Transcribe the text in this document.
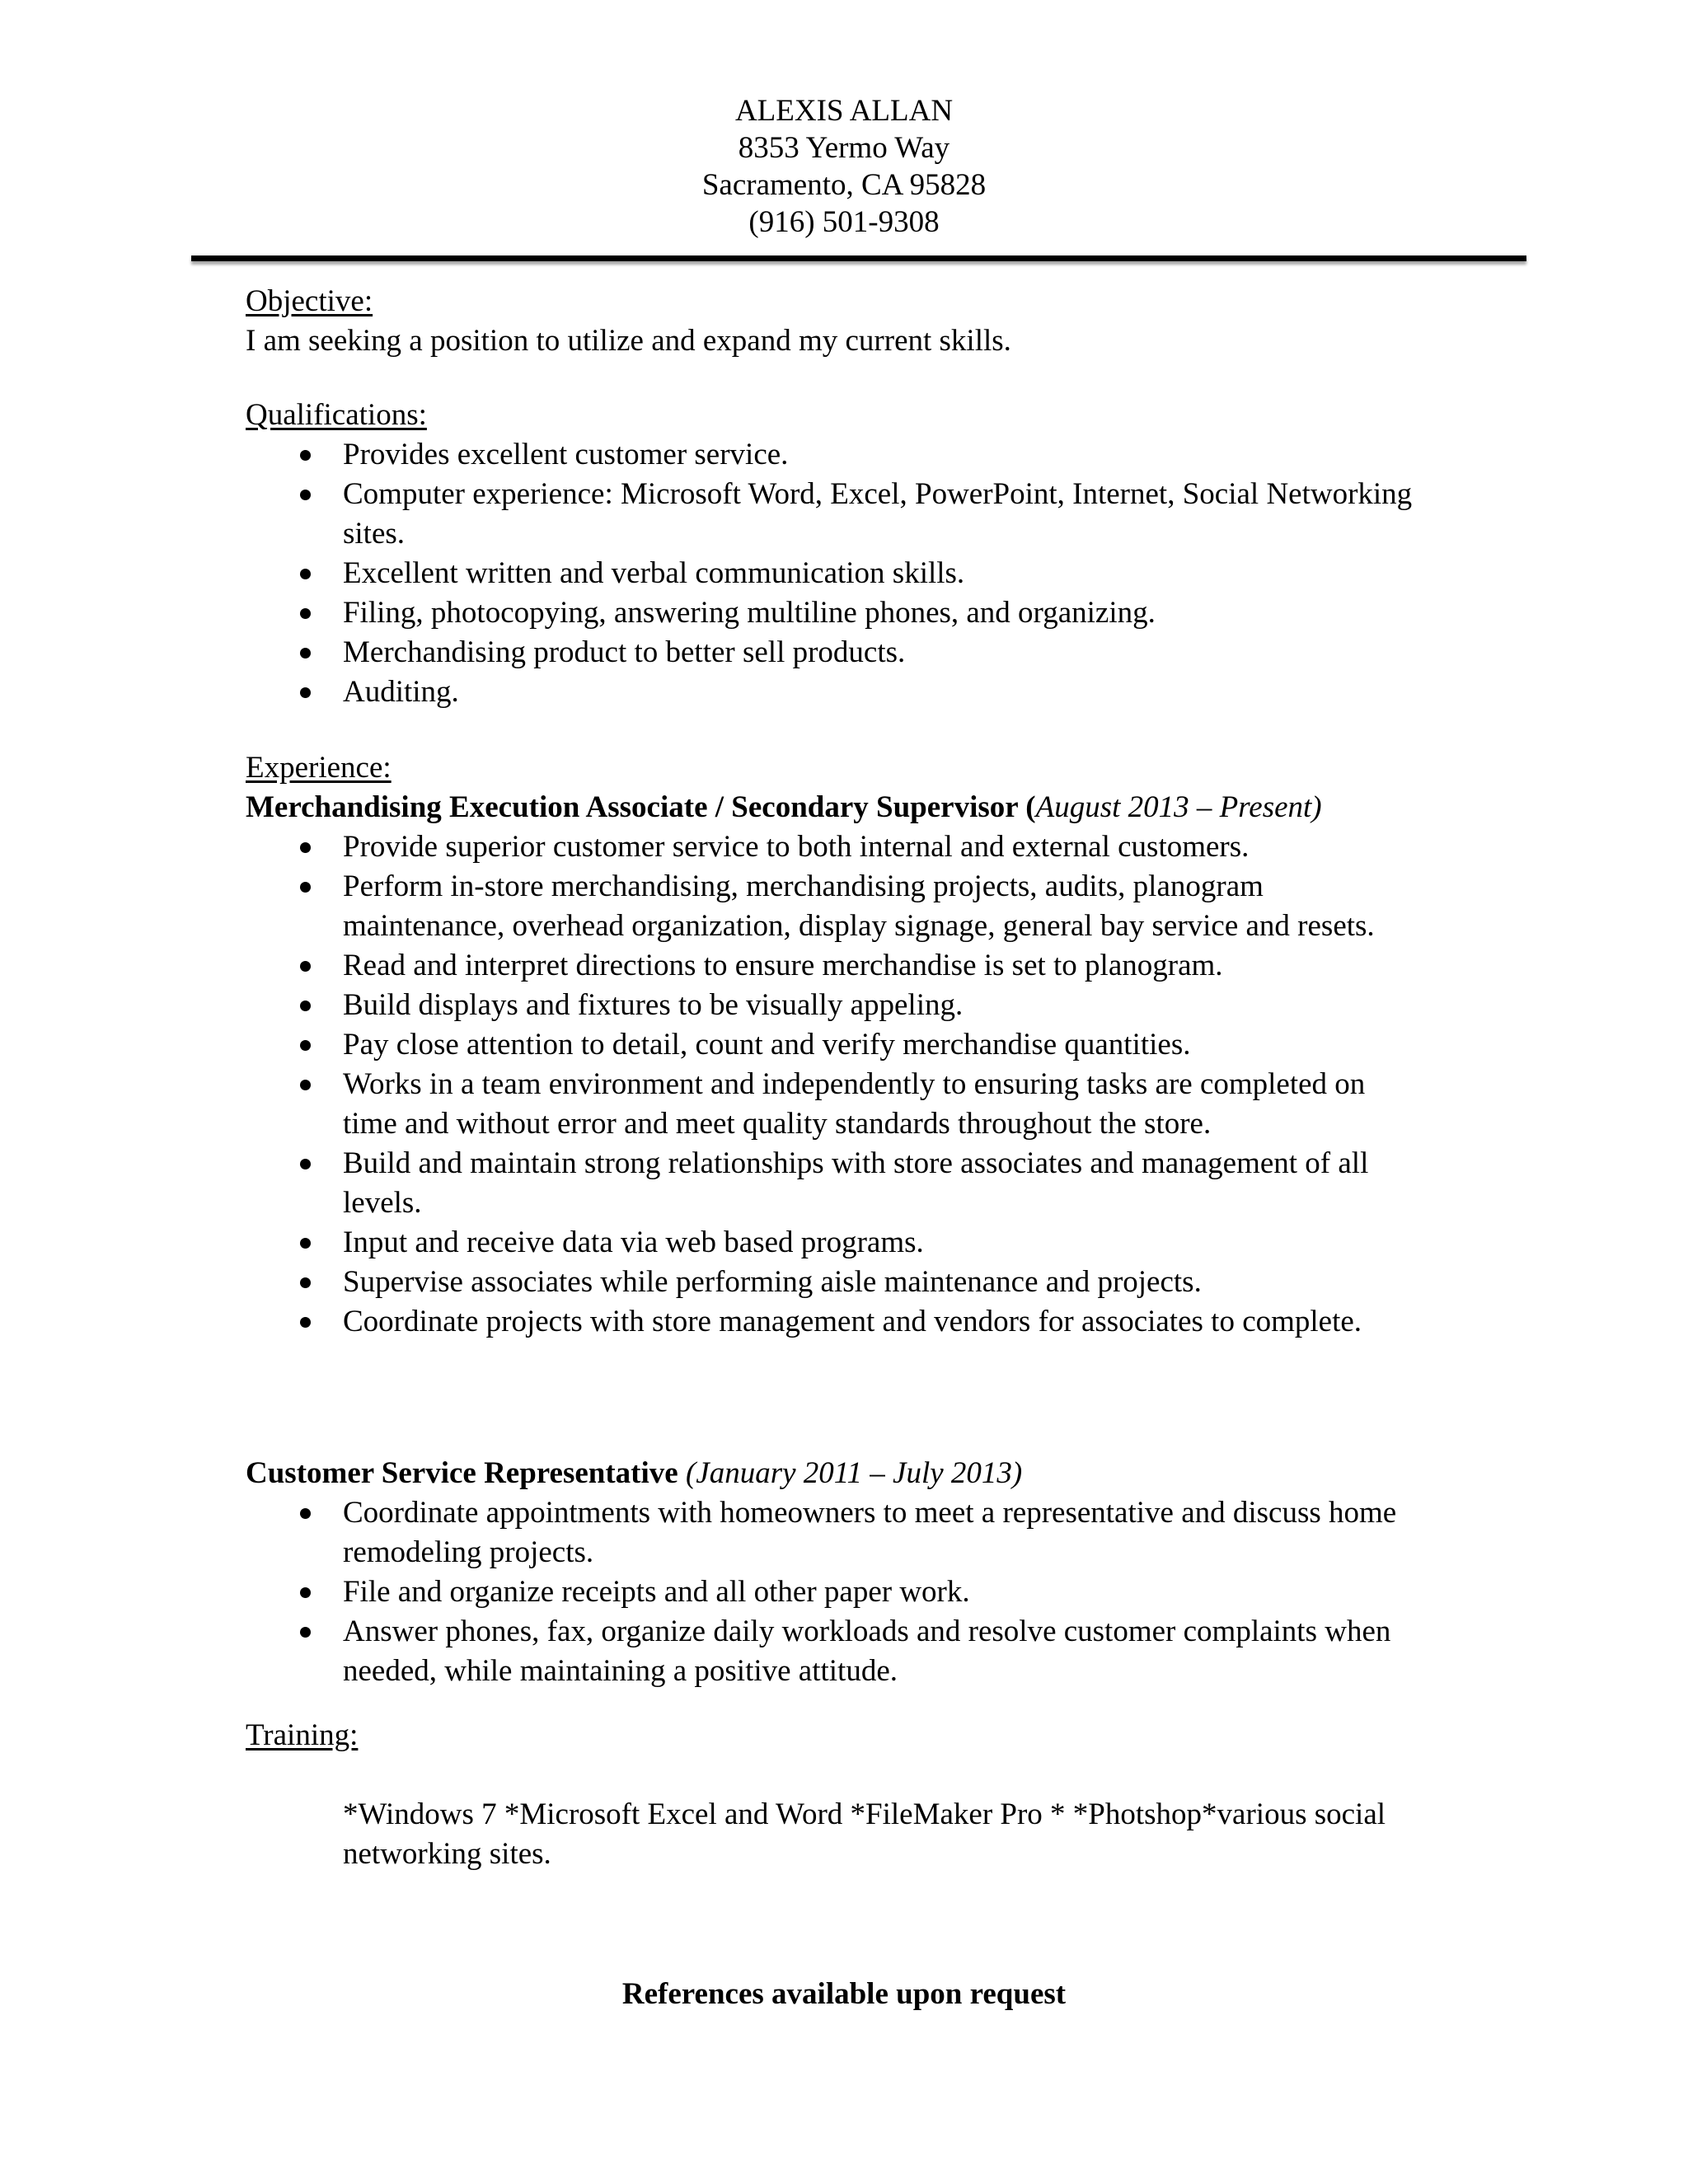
ALEXIS ALLAN
8353 Yermo Way
Sacramento, CA 95828
(916) 501-9308
Objective:
I am seeking a position to utilize and expand my current skills.
Qualifications:
Provides excellent customer service.
Computer experience: Microsoft Word, Excel, PowerPoint, Internet, Social Networking sites.
Excellent written and verbal communication skills.
Filing, photocopying, answering multiline phones, and organizing.
Merchandising product to better sell products.
Auditing.
Experience:
Merchandising Execution Associate / Secondary Supervisor (August 2013 – Present)
Provide superior customer service to both internal and external customers.
Perform in-store merchandising, merchandising projects, audits, planogram maintenance, overhead organization, display signage, general bay service and resets.
Read and interpret directions to ensure merchandise is set to planogram.
Build displays and fixtures to be visually appeling.
Pay close attention to detail, count and verify merchandise quantities.
Works in a team environment and independently to ensuring tasks are completed on time and without error and meet quality standards throughout the store.
Build and maintain strong relationships with store associates and management of all levels.
Input and receive data via web based programs.
Supervise associates while performing aisle maintenance and projects.
Coordinate projects with store management and vendors for associates to complete.
Customer Service Representative (January 2011 – July 2013)
Coordinate appointments with homeowners to meet a representative and discuss home remodeling projects.
File and organize receipts and all other paper work.
Answer phones, fax, organize daily workloads and resolve customer complaints when needed, while maintaining a positive attitude.
Training:
*Windows 7 *Microsoft Excel and Word *FileMaker Pro * *Photshop*various social networking sites.
References available upon request
